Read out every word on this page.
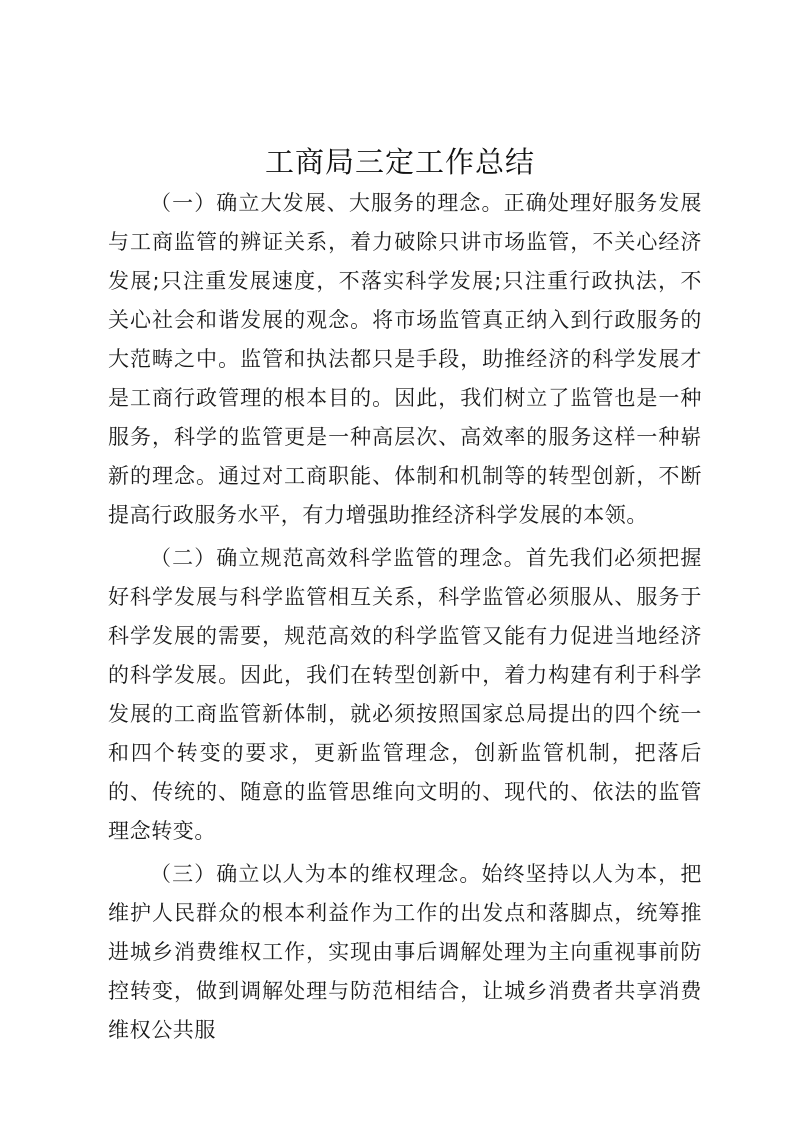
工商局三定工作总结

（一）确立大发展、大服务的理念。正确处理好服务发展与工商监管的辨证关系，着力破除只讲市场监管，不关心经济发展;只注重发展速度，不落实科学发展;只注重行政执法，不关心社会和谐发展的观念。将市场监管真正纳入到行政服务的大范畴之中。监管和执法都只是手段，助推经济的科学发展才是工商行政管理的根本目的。因此，我们树立了监管也是一种服务，科学的监管更是一种高层次、高效率的服务这样一种崭新的理念。通过对工商职能、体制和机制等的转型创新，不断提高行政服务水平，有力增强助推经济科学发展的本领。

（二）确立规范高效科学监管的理念。首先我们必须把握好科学发展与科学监管相互关系，科学监管必须服从、服务于科学发展的需要，规范高效的科学监管又能有力促进当地经济的科学发展。因此，我们在转型创新中，着力构建有利于科学发展的工商监管新体制，就必须按照国家总局提出的四个统一和四个转变的要求，更新监管理念，创新监管机制，把落后的、传统的、随意的监管思维向文明的、现代的、依法的监管理念转变。

（三）确立以人为本的维权理念。始终坚持以人为本，把维护人民群众的根本利益作为工作的出发点和落脚点，统筹推进城乡消费维权工作，实现由事后调解处理为主向重视事前防控转变，做到调解处理与防范相结合，让城乡消费者共享消费维权公共服
